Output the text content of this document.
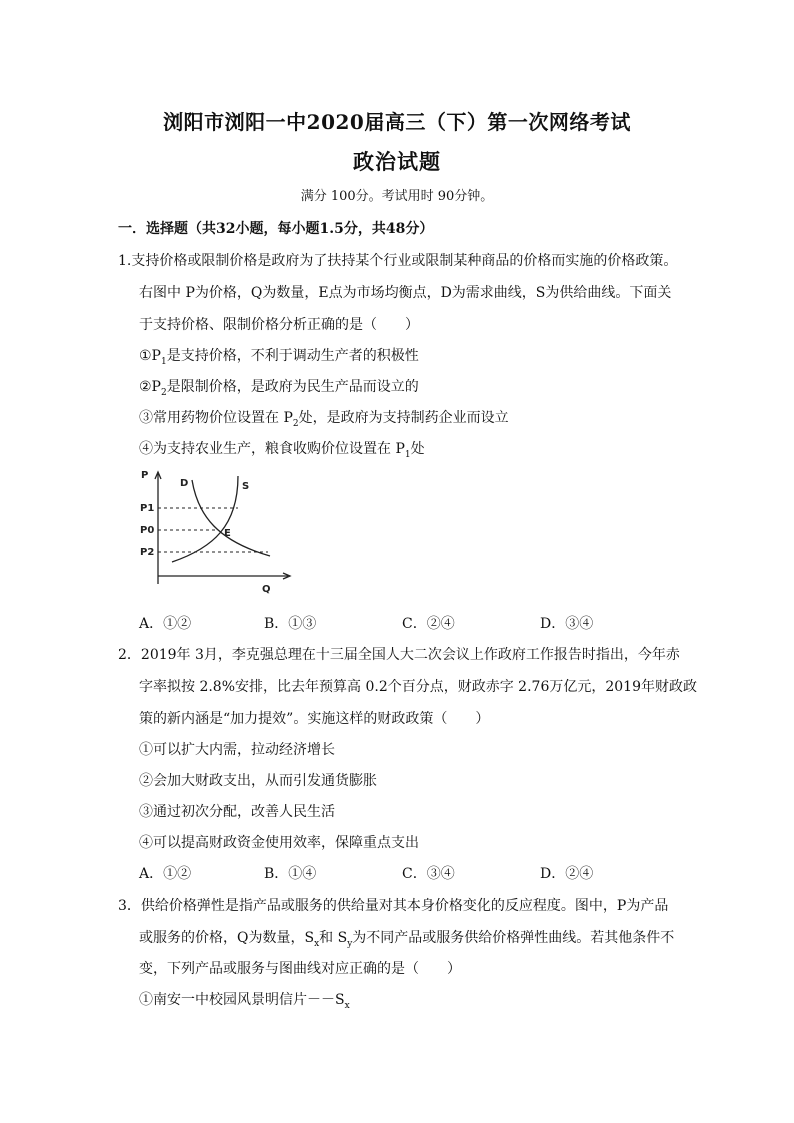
浏阳市浏阳一中2020届高三（下）第一次网络考试
政治试题
满分 100分。考试用时 90分钟。
一．选择题（共32小题，每小题1.5分，共48分）
1.支持价格或限制价格是政府为了扶持某个行业或限制某种商品的价格而实施的价格政策。
右图中 P为价格，Q为数量，E点为市场均衡点，D为需求曲线，S为供给曲线。下面关
于支持价格、限制价格分析正确的是（　　）
$①P_1$是支持价格，不利于调动生产者的积极性
$②P_2$是限制价格，是政府为民生产品而设立的
③常用药物价位设置在 $P_2$处，是政府为支持制药企业而设立
④为支持农业生产，粮食收购价位设置在 $P_1$处
P
P1
P0
P2
D	S
E
Q
A．①②	B．①③	C．②④	D．③④
2．2019年 3月，李克强总理在十三届全国人大二次会议上作政府工作报告时指出，今年赤
字率拟按 2.8%安排，比去年预算高 0.2个百分点，财政赤字 2.76万亿元，2019年财政政
策的新内涵是“加力提效”。实施这样的财政政策（　　）
①可以扩大内需，拉动经济增长
②会加大财政支出，从而引发通货膨胀
③通过初次分配，改善人民生活
④可以提高财政资金使用效率，保障重点支出
A．①②	B．①④	C．③④	D．②④
3．供给价格弹性是指产品或服务的供给量对其本身价格变化的反应程度。图中，P为产品
或服务的价格，Q为数量，$S_x$和 $S_y$为不同产品或服务供给价格弹性曲线。若其他条件不
变，下列产品或服务与图曲线对应正确的是（　　）
①南安一中校园风景明信片$--S_x$
